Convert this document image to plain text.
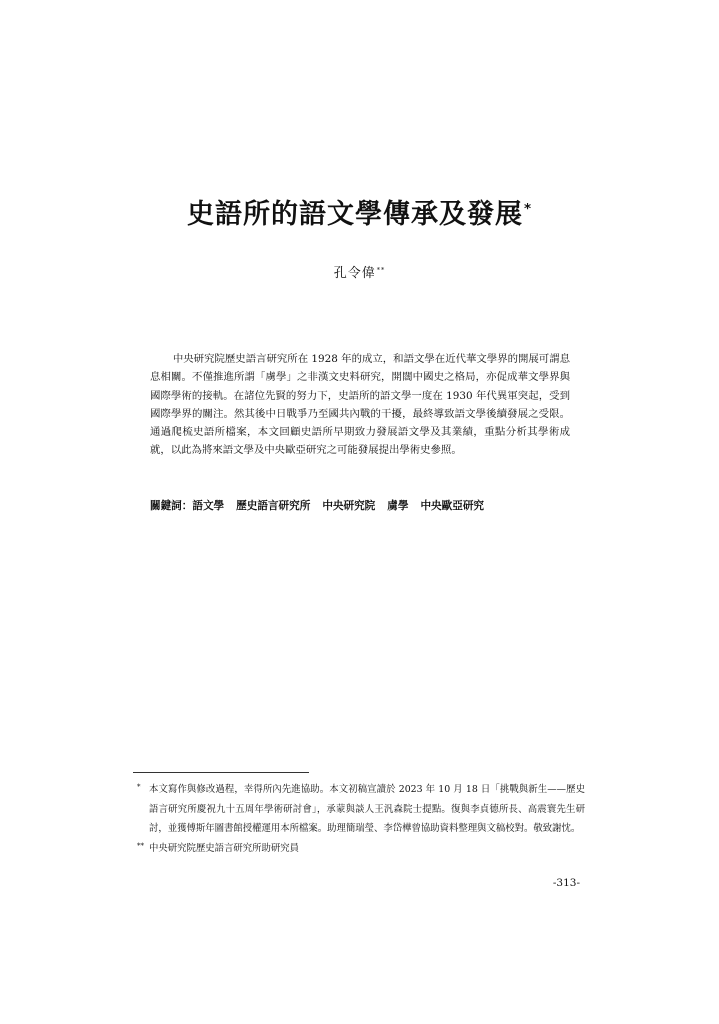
史語所的語文學傳承及發展*
孔令偉**

中央研究院歷史語言研究所在 1928 年的成立，和語文學在近代華文學界的開展可謂息息相關。不僅推進所謂「虜學」之非漢文史料研究，開闊中國史之格局，亦促成華文學界與國際學術的接軌。在諸位先賢的努力下，史語所的語文學一度在 1930 年代異軍突起，受到國際學界的關注。然其後中日戰爭乃至國共內戰的干擾，最終導致語文學後續發展之受限。通過爬梳史語所檔案，本文回顧史語所早期致力發展語文學及其業績，重點分析其學術成就，以此為將來語文學及中央歐亞研究之可能發展提出學術史參照。

關鍵詞：語文學 歷史語言研究所 中央研究院 虜學 中央歐亞研究
* 本文寫作與修改過程，幸得所內先進協助。本文初稿宣讀於 2023 年 10 月 18 日「挑戰與新生——歷史語言研究所慶祝九十五周年學術研討會」，承蒙與談人王汎森院士提點。復與李貞德所長、高震寰先生研討，並獲傅斯年圖書館授權運用本所檔案。助理簡瑞瑩、李岱樺曾協助資料整理與文稿校對。敬致謝忱。
** 中央研究院歷史語言研究所助研究員
-313-
